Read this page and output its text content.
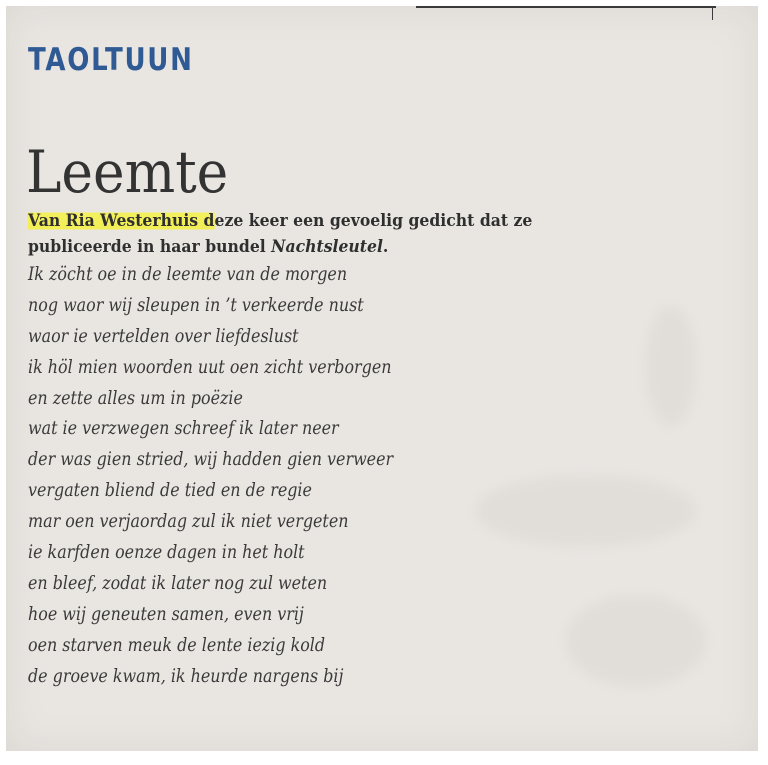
TAOLTUUN
Leemte

Van Ria Westerhuis deze keer een gevoelig gedicht dat ze publiceerde in haar bundel Nachtsleutel.

Ik zöcht oe in de leemte van de morgen
nog waor wij sleupen in ’t verkeerde nust
waor ie vertelden over liefdeslust
ik höl mien woorden uut oen zicht verborgen
en zette alles um in poëzie
wat ie verzwegen schreef ik later neer
der was gien stried, wij hadden gien verweer
vergaten bliend de tied en de regie
mar oen verjaordag zul ik niet vergeten
ie karfden oenze dagen in het holt
en bleef, zodat ik later nog zul weten
hoe wij geneuten samen, even vrij
oen starven meuk de lente iezig kold
de groeve kwam, ik heurde nargens bij
